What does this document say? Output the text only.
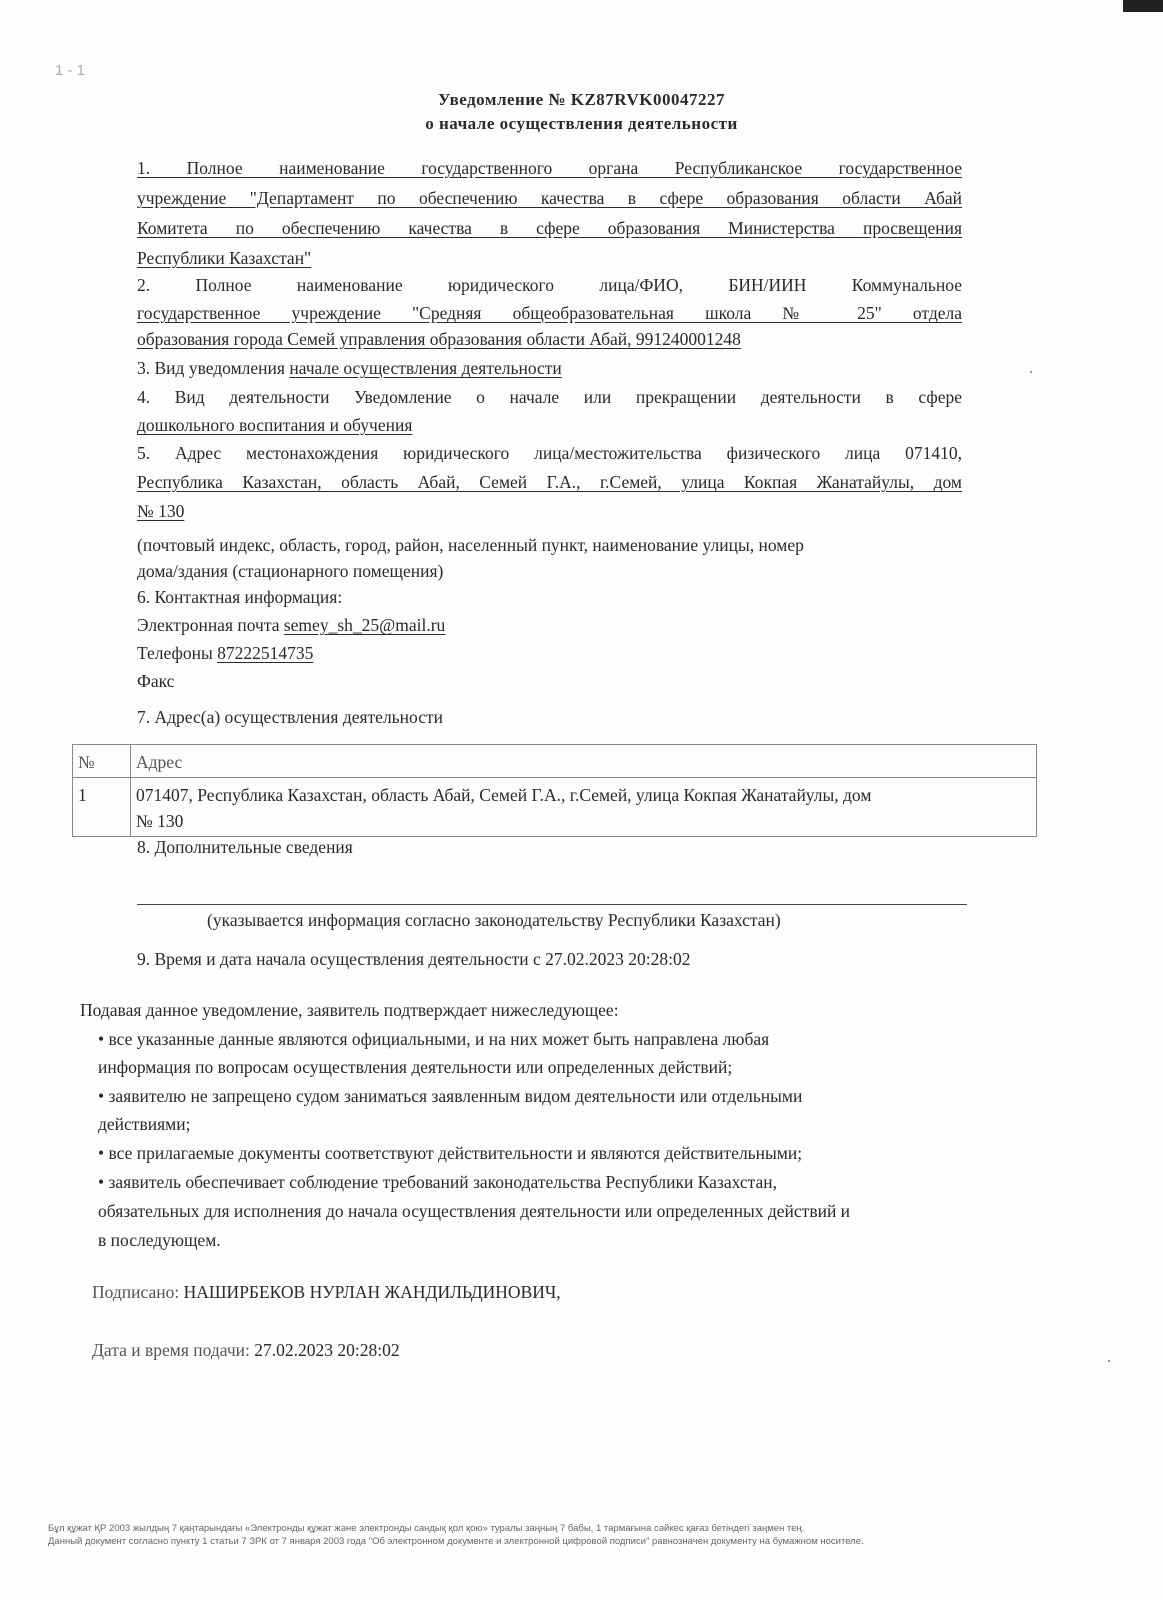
1 - 1
Уведомление № KZ87RVK00047227
о начале осуществления деятельности
1. Полное наименование государственного органа Республиканское государственное
учреждение "Департамент по обеспечению качества в сфере образования области Абай
Комитета по обеспечению качества в сфере образования Министерства просвещения
Республики Казахстан"
2. Полное наименование юридического лица/ФИО, БИН/ИИН Коммунальное
государственное учреждение "Средняя общеобразовательная школа № 25" отдела
образования города Семей управления образования области Абай, 991240001248
3. Вид уведомления начале осуществления деятельности
4. Вид деятельности Уведомление о начале или прекращении деятельности в сфере
дошкольного воспитания и обучения
5. Адрес местонахождения юридического лица/местожительства физического лица 071410,
Республика Казахстан, область Абай, Семей Г.А., г.Семей, улица Кокпая Жанатайулы, дом
№ 130
(почтовый индекс, область, город, район, населенный пункт, наименование улицы, номер
дома/здания (стационарного помещения)
6. Контактная информация:
Электронная почта semey_sh_25@mail.ru
Телефоны 87222514735
Факс
7. Адрес(а) осуществления деятельности
№	Адрес
1	071407, Республика Казахстан, область Абай, Семей Г.А., г.Семей, улица Кокпая Жанатайулы, дом
№ 130
8. Дополнительные сведения
(указывается информация согласно законодательству Республики Казахстан)
9. Время и дата начала осуществления деятельности с 27.02.2023 20:28:02
Подавая данное уведомление, заявитель подтверждает нижеследующее:
• все указанные данные являются официальными, и на них может быть направлена любая
информация по вопросам осуществления деятельности или определенных действий;
• заявителю не запрещено судом заниматься заявленным видом деятельности или отдельными
действиями;
• все прилагаемые документы соответствуют действительности и являются действительными;
• заявитель обеспечивает соблюдение требований законодательства Республики Казахстан,
обязательных для исполнения до начала осуществления деятельности или определенных действий и
в последующем.
Подписано: НАШИРБЕКОВ НУРЛАН ЖАНДИЛЬДИНОВИЧ,
Дата и время подачи: 27.02.2023 20:28:02
Бұл құжат ҚР 2003 жылдың 7 қаңтарындағы «Электронды құжат және электронды сандық қол қою» туралы заңның 7 бабы, 1 тармағына сәйкес қағаз бетіндегі заңмен тең.
Данный документ согласно пункту 1 статьи 7 ЗРК от 7 января 2003 года "Об электронном документе и электронной цифровой подписи" равнозначен документу на бумажном носителе.
